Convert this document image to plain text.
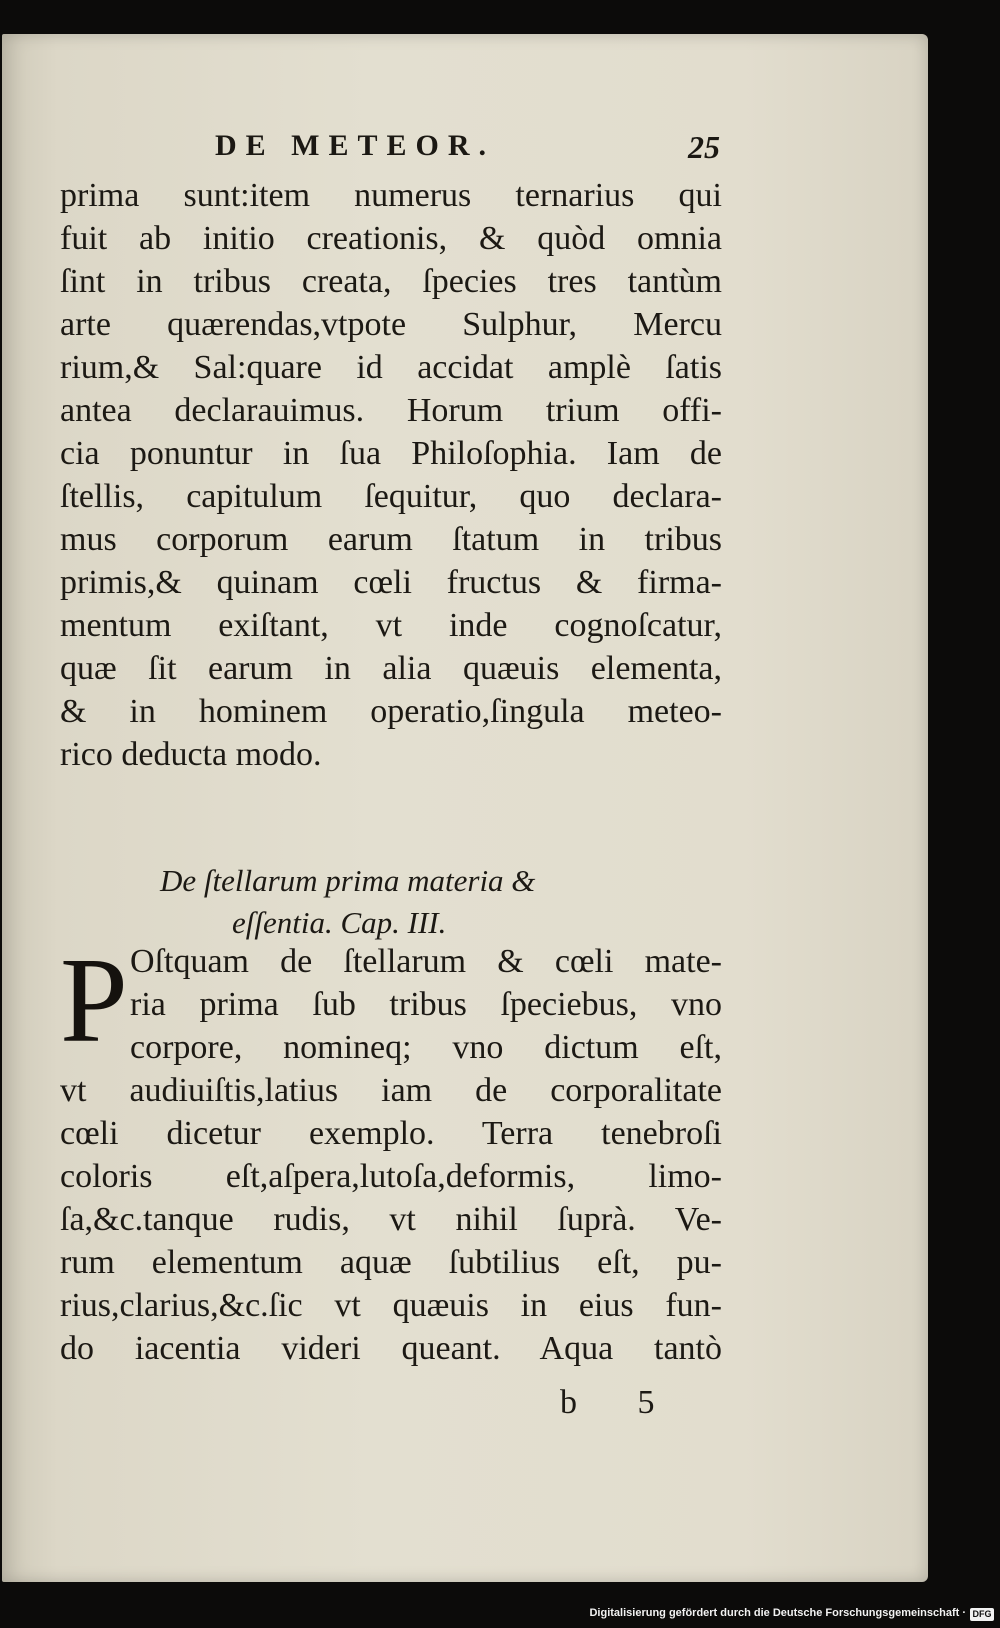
DE METEOR.	25
prima sunt:item numerus ternarius qui
fuit ab initio creationis, & quòd omnia
ſint in tribus creata, ſpecies tres tantùm
arte quærendas,vtpote Sulphur, Mercu
rium,& Sal:quare id accidat amplè ſatis
antea declarauimus. Horum trium offi-
cia ponuntur in ſua Philoſophia. Iam de
ſtellis, capitulum ſequitur, quo declara-
mus corporum earum ſtatum in tribus
primis,& quinam cœli fructus & firma-
mentum exiſtant, vt inde cognoſcatur,
quæ ſit earum in alia quæuis elementa,
& in hominem operatio,ſingula meteo-
rico deducta modo.
De ſtellarum prima materia &
eſſentia. Cap. III.
P Oſtquam de ſtellarum & cœli mate-
ria prima ſub tribus ſpeciebus, vno
corpore, nomineq; vno dictum eſt,
vt audiuiſtis,latius iam de corporalitate
cœli dicetur exemplo. Terra tenebroſi
coloris eſt,aſpera,lutoſa,deformis, limo-
ſa,&c.tanque rudis, vt nihil ſuprà. Ve-
rum elementum aquæ ſubtilius eſt, pu-
rius,clarius,&c.ſic vt quæuis in eius fun-
do iacentia videri queant. Aqua tantò
b 5
Digitalisierung gefördert durch die Deutsche Forschungsgemeinschaft · DFG
